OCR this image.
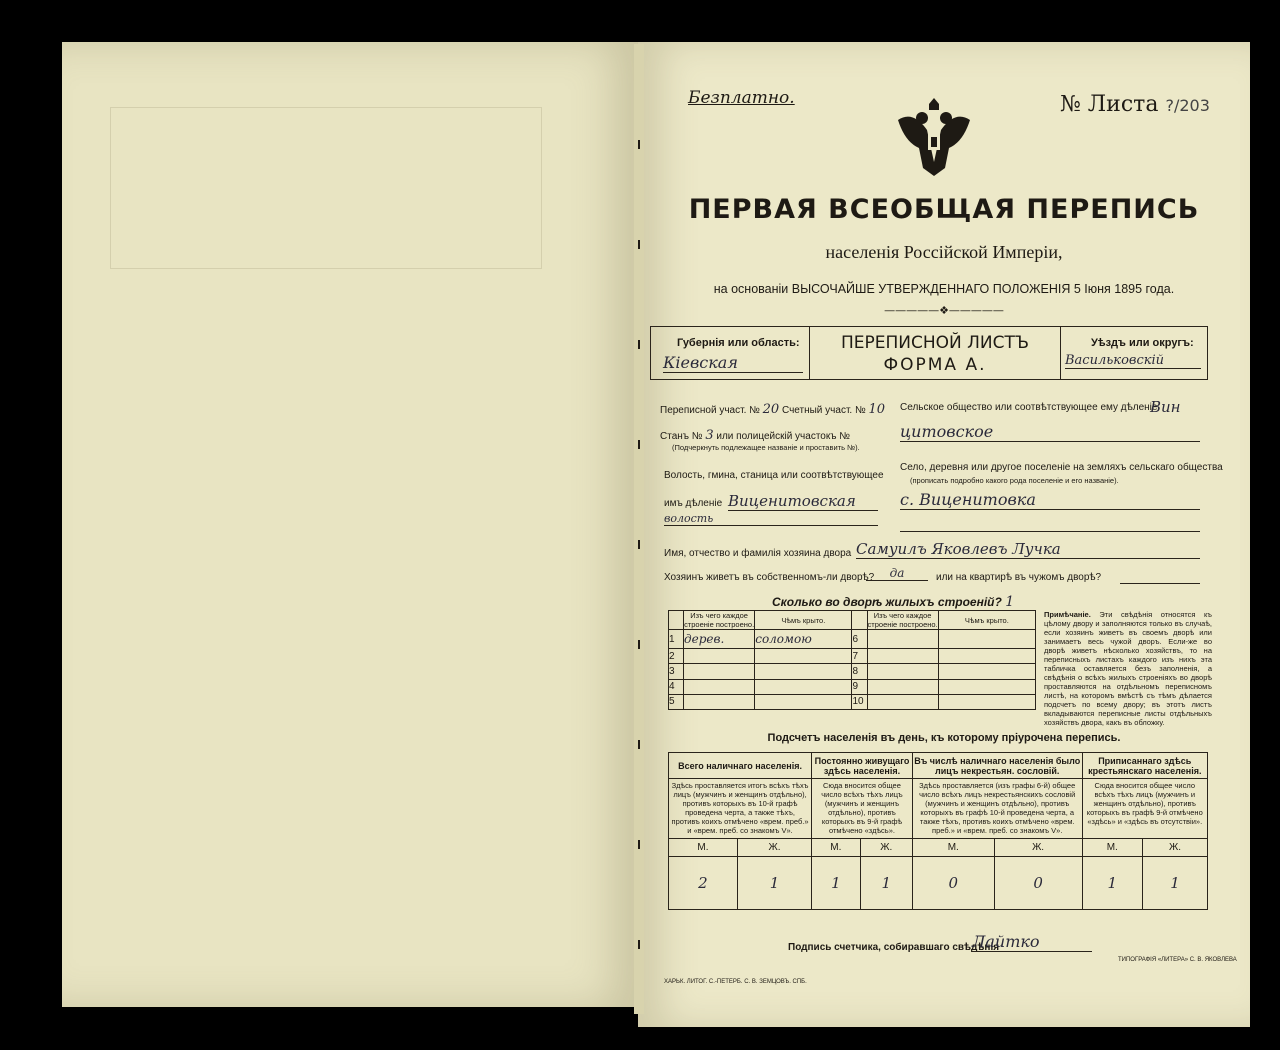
Безплатно.	№ Листа ?/203
ПЕРВАЯ ВСЕОБЩАЯ ПЕРЕПИСЬ
населенія Россійской Имперіи,
на основаніи ВЫСОЧАЙШЕ УТВЕРЖДЕННАГО ПОЛОЖЕНІЯ 5 Іюня 1895 года.
—————❖—————
Губернія или область:
Кіевская
ПЕРЕПИСНОЙ ЛИСТЪ
ФОРМА А.
Уѣздъ или округъ:
Васильковскій
Переписной участ. № 20 Счетный участ. № 10
Станъ № 3 или полицейскій участокъ №
(Подчеркнуть подлежащее названіе и проставить №).
Волость, гмина, станица или соотвѣтствующее
имъ дѣленіе Виценитовская
волость
Сельское общество или соотвѣтствующее ему дѣленіе
Вин
цитовское
Село, деревня или другое поселеніе на земляхъ сельскаго общества
(прописать подробно какого рода поселеніе и его названіе).
с. Виценитовка
Имя, отчество и фамилія хозяина двора Самуилъ Яковлевъ Лучка
Хозяинъ живетъ въ собственномъ-ли дворѣ?	да	или на квартирѣ въ чужомъ дворѣ?
Сколько во дворѣ жилыхъ строеній? 1
	Изъ чего каждое строеніе построено.	Чѣмъ крыто.		Изъ чего каждое строеніе построено.	Чѣмъ крыто.
1	дерев.	соломою	6		
2			7		
3			8		
4			9		
5			10		
Примѣчаніе. Эти свѣдѣнія относятся къ цѣлому двору и заполняются только въ случаѣ, если хозяинъ живетъ въ своемъ дворѣ или занимаетъ весь чужой дворъ. Если-же во дворѣ живетъ нѣсколько хозяйствъ, то на переписныхъ листахъ каждого изъ нихъ эта табличка оставляется безъ заполненія, а свѣдѣнія о всѣхъ жилыхъ строеніяхъ во дворѣ проставляются на отдѣльномъ переписномъ листѣ, на которомъ вмѣстѣ съ тѣмъ дѣлается подсчетъ по всему двору; въ этотъ листъ вкладываются переписные листы отдѣльныхъ хозяйствъ двора, какъ въ обложку.
Подсчетъ населенія въ день, къ которому пріурочена перепись.
Всего наличнаго населенія.		Постоянно живущаго здѣсь населенія.		Въ числѣ наличнаго населенія было лицъ некрестьян. сословій.		Приписаннаго здѣсь крестьянскаго населенія.	
Здѣсь проставляется итогъ всѣхъ тѣхъ лицъ (мужчинъ и женщинъ отдѣльно), противъ которыхъ въ 10-й графѣ проведена черта, а также тѣхъ, противъ коихъ отмѣчено «врем. преб.» и «врем. преб. со знакомъ V».		Сюда вносится общее число всѣхъ тѣхъ лицъ (мужчинъ и женщинъ отдѣльно), противъ которыхъ въ 9-й графѣ отмѣчено «здѣсь».		Здѣсь проставляется (изъ графы 6-й) общее число всѣхъ лицъ некрестьянскихъ сословій (мужчинъ и женщинъ отдѣльно), противъ которыхъ въ графѣ 10-й проведена черта, а также тѣхъ, противъ коихъ отмѣчено «врем. преб.» и «врем. преб. со знакомъ V».		Сюда вносится общее число всѣхъ тѣхъ лицъ (мужчинъ и женщинъ отдѣльно), противъ которыхъ въ графѣ 9-й отмѣчено «здѣсь» и «здѣсь въ отсутствіи».	
М.	Ж.	М.	Ж.	М.	Ж.	М.	Ж.
2	1	1	1	0	0	1	1
Подпись счетчика, собиравшаго свѣдѣнія
Лайтко
ХАРЬК. ЛИТОГ. С.-ПЕТЕРБ. С. В. ЗЕМЦОВЪ. СПБ.
ТИПОГРАФІЯ «ЛИТЕРА» С. В. ЯКОВЛЕВА
